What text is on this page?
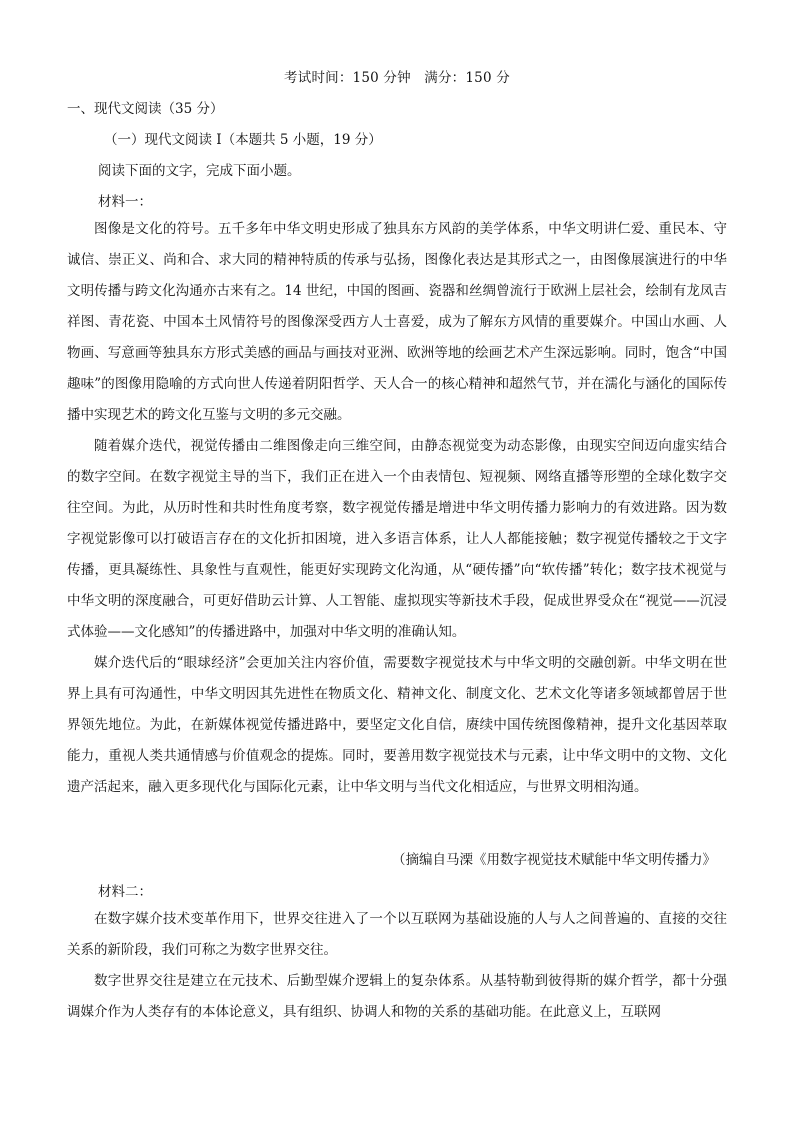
考试时间：150 分钟   满分：150 分
一、现代文阅读（35 分）
（一）现代文阅读 I（本题共 5 小题，19 分）
阅读下面的文字，完成下面小题。
材料一：

图像是文化的符号。五千多年中华文明史形成了独具东方风韵的美学体系，中华文明讲仁爱、重民本、守诚信、崇正义、尚和合、求大同的精神特质的传承与弘扬，图像化表达是其形式之一，由图像展演进行的中华文明传播与跨文化沟通亦古来有之。14 世纪，中国的图画、瓷器和丝绸曾流行于欧洲上层社会，绘制有龙凤吉祥图、青花瓷、中国本土风情符号的图像深受西方人士喜爱，成为了解东方风情的重要媒介。中国山水画、人物画、写意画等独具东方形式美感的画品与画技对亚洲、欧洲等地的绘画艺术产生深远影响。同时，饱含“中国趣味”的图像用隐喻的方式向世人传递着阴阳哲学、天人合一的核心精神和超然气节，并在濡化与涵化的国际传播中实现艺术的跨文化互鉴与文明的多元交融。

随着媒介迭代，视觉传播由二维图像走向三维空间，由静态视觉变为动态影像，由现实空间迈向虚实结合的数字空间。在数字视觉主导的当下，我们正在进入一个由表情包、短视频、网络直播等形塑的全球化数字交往空间。为此，从历时性和共时性角度考察，数字视觉传播是增进中华文明传播力影响力的有效进路。因为数字视觉影像可以打破语言存在的文化折扣困境，进入多语言体系，让人人都能接触；数字视觉传播较之于文字传播，更具凝练性、具象性与直观性，能更好实现跨文化沟通，从“硬传播”向“软传播”转化；数字技术视觉与中华文明的深度融合，可更好借助云计算、人工智能、虚拟现实等新技术手段，促成世界受众在“视觉——沉浸式体验——文化感知”的传播进路中，加强对中华文明的准确认知。

媒介迭代后的“眼球经济”会更加关注内容价值，需要数字视觉技术与中华文明的交融创新。中华文明在世界上具有可沟通性，中华文明因其先进性在物质文化、精神文化、制度文化、艺术文化等诸多领域都曾居于世界领先地位。为此，在新媒体视觉传播进路中，要坚定文化自信，赓续中国传统图像精神，提升文化基因萃取能力，重视人类共通情感与价值观念的提炼。同时，要善用数字视觉技术与元素，让中华文明中的文物、文化遗产活起来，融入更多现代化与国际化元素，让中华文明与当代文化相适应，与世界文明相沟通。

（摘编自马溧《用数字视觉技术赋能中华文明传播力》
材料二：

在数字媒介技术变革作用下，世界交往进入了一个以互联网为基础设施的人与人之间普遍的、直接的交往关系的新阶段，我们可称之为数字世界交往。

数字世界交往是建立在元技术、后勤型媒介逻辑上的复杂体系。从基特勒到彼得斯的媒介哲学，都十分强调媒介作为人类存有的本体论意义，具有组织、协调人和物的关系的基础功能。在此意义上，互联网
